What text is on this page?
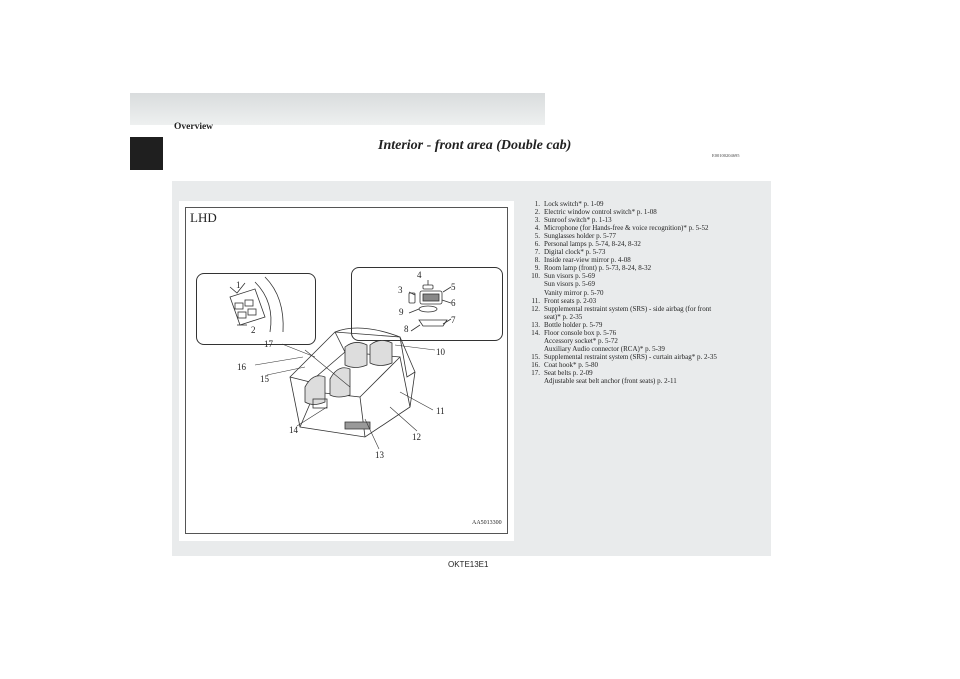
Overview
Interior - front area (Double cab)
E00100204695
LHD
1
2
3
4
5
6
7
8
9
10
11
12
13
14
15
16
17
AA5013300
1. Lock switch* p. 1-09
2. Electric window control switch* p. 1-08
3. Sunroof switch* p. 1-13
4. Microphone (for Hands-free & voice recognition)* p. 5-52
5. Sunglasses holder p. 5-77
6. Personal lamps p. 5-74, 8-24, 8-32
7. Digital clock* p. 5-73
8. Inside rear-view mirror p. 4-08
9. Room lamp (front) p. 5-73, 8-24, 8-32
10. Sun visors p. 5-69
Sun visors p. 5-69
Vanity mirror p. 5-70
11. Front seats p. 2-03
12. Supplemental restraint system (SRS) - side airbag (for front
seat)* p. 2-35
13. Bottle holder p. 5-79
14. Floor console box p. 5-76
Accessory socket* p. 5-72
Auxiliary Audio connector (RCA)* p. 5-39
15. Supplemental restraint system (SRS) - curtain airbag* p. 2-35
16. Coat hook* p. 5-80
17. Seat belts p. 2-09
Adjustable seat belt anchor (front seats) p. 2-11
OKTE13E1
